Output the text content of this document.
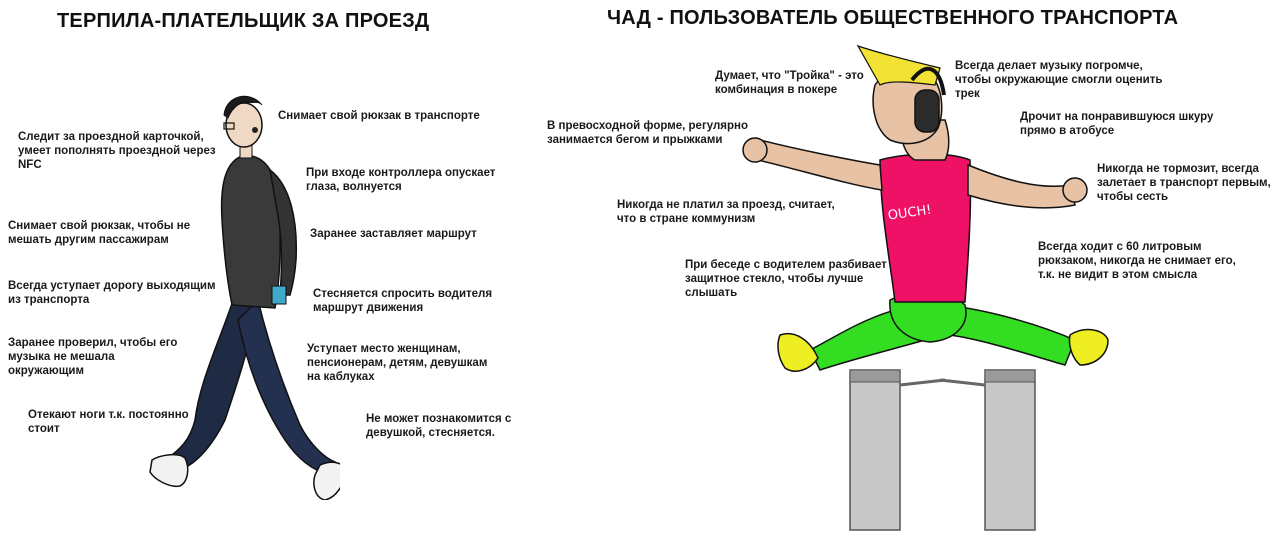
ТЕРПИЛА-ПЛАТЕЛЬЩИК ЗА ПРОЕЗД	ЧАД - ПОЛЬЗОВАТЕЛЬ ОБЩЕСТВЕННОГО ТРАНСПОРТА
Следит за проездной карточкой,
умеет пополнять проездной через
NFC
Снимает свой рюкзак в транспорте
Снимает свой рюкзак, чтобы не
мешать другим пассажирам
При входе контроллера опускает
глаза, волнуется
Заранее заставляет маршрут
Всегда уступает дорогу выходящим
из транспорта	Стесняется спросить водителя
маршрут движения
Заранее проверил, чтобы его
музыка не мешала
окружающим
Уступает место женщинам,
пенсионерам, детям, девушкам
на каблуках
Отекают ноги т.к. постоянно
стоит
Не может познакомится с
девушкой, стесняется.
OUCH!
Думает, что "Тройка" - это
комбинация в покере
Всегда делает музыку погромче,
чтобы окружающие смогли оценить
трек
В превосходной форме, регулярно
занимается бегом и прыжками
Дрочит на понравившуюся шкуру
прямо в атобусе
Никогда не тормозит, всегда
залетает в транспорт первым,
чтобы сесть
Никогда не платил за проезд, считает,
что в стране коммунизм
Всегда ходит с 60 литровым
рюкзаком, никогда не снимает его,
т.к. не видит в этом смысла
При беседе с водителем разбивает
защитное стекло, чтобы лучше
слышать
